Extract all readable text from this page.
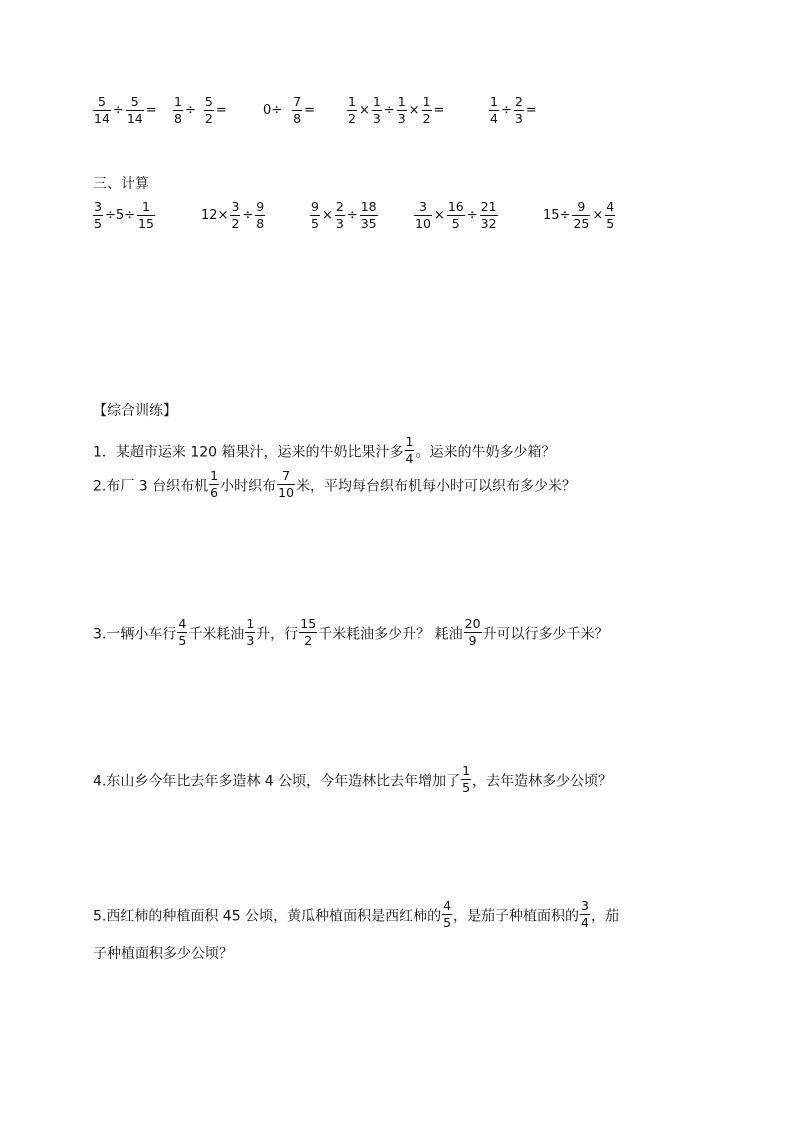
$\frac{5}{14} \div \frac{5}{14} = \frac{1}{8} \div \frac{5}{2}$ =	$0\div \frac{7}{8}$ =	$\frac{1}{2} \times \frac{1}{3} \div \frac{1}{3} \times \frac{1}{2}$ =	$\frac{1}{4} \div \frac{2}{3}$ =
三、计算
$\frac{3}{5} \div 5\div \frac{1}{15}$	$12\times \frac{3}{2} \div \frac{9}{8}$	$\frac{9}{5} \times \frac{2}{3} \div \frac{18}{35}$	$\frac{3}{10} \times \frac{16}{5} \div \frac{21}{32}$	$15\div \frac{9}{25} \times \frac{4}{5}$
【综合训练】
1．某超市运来 120 箱果汁，运来的牛奶比果汁多 $\frac{1}{4}$ 。运来的牛奶多少箱？
2.布厂 3 台织布机 $\frac{1}{6}$ 小时织布 $\frac{7}{10}$ 米，平均每台织布机每小时可以织布多少米？
3.一辆小车行 $\frac{4}{5}$ 千米耗油 $\frac{1}{3}$ 升，行 $\frac{15}{2}$ 千米耗油多少升？ 耗油 $\frac{20}{9}$ 升可以行多少千米？
4.东山乡今年比去年多造林 4 公顷，今年造林比去年增加了 $\frac{1}{5}$ ，去年造林多少公顷？
5.西红柿的种植面积 45 公顷，黄瓜种植面积是西红柿的 $\frac{4}{5}$ ，是茄子种植面积的 $\frac{3}{4}$ ，茄
子种植面积多少公顷？
